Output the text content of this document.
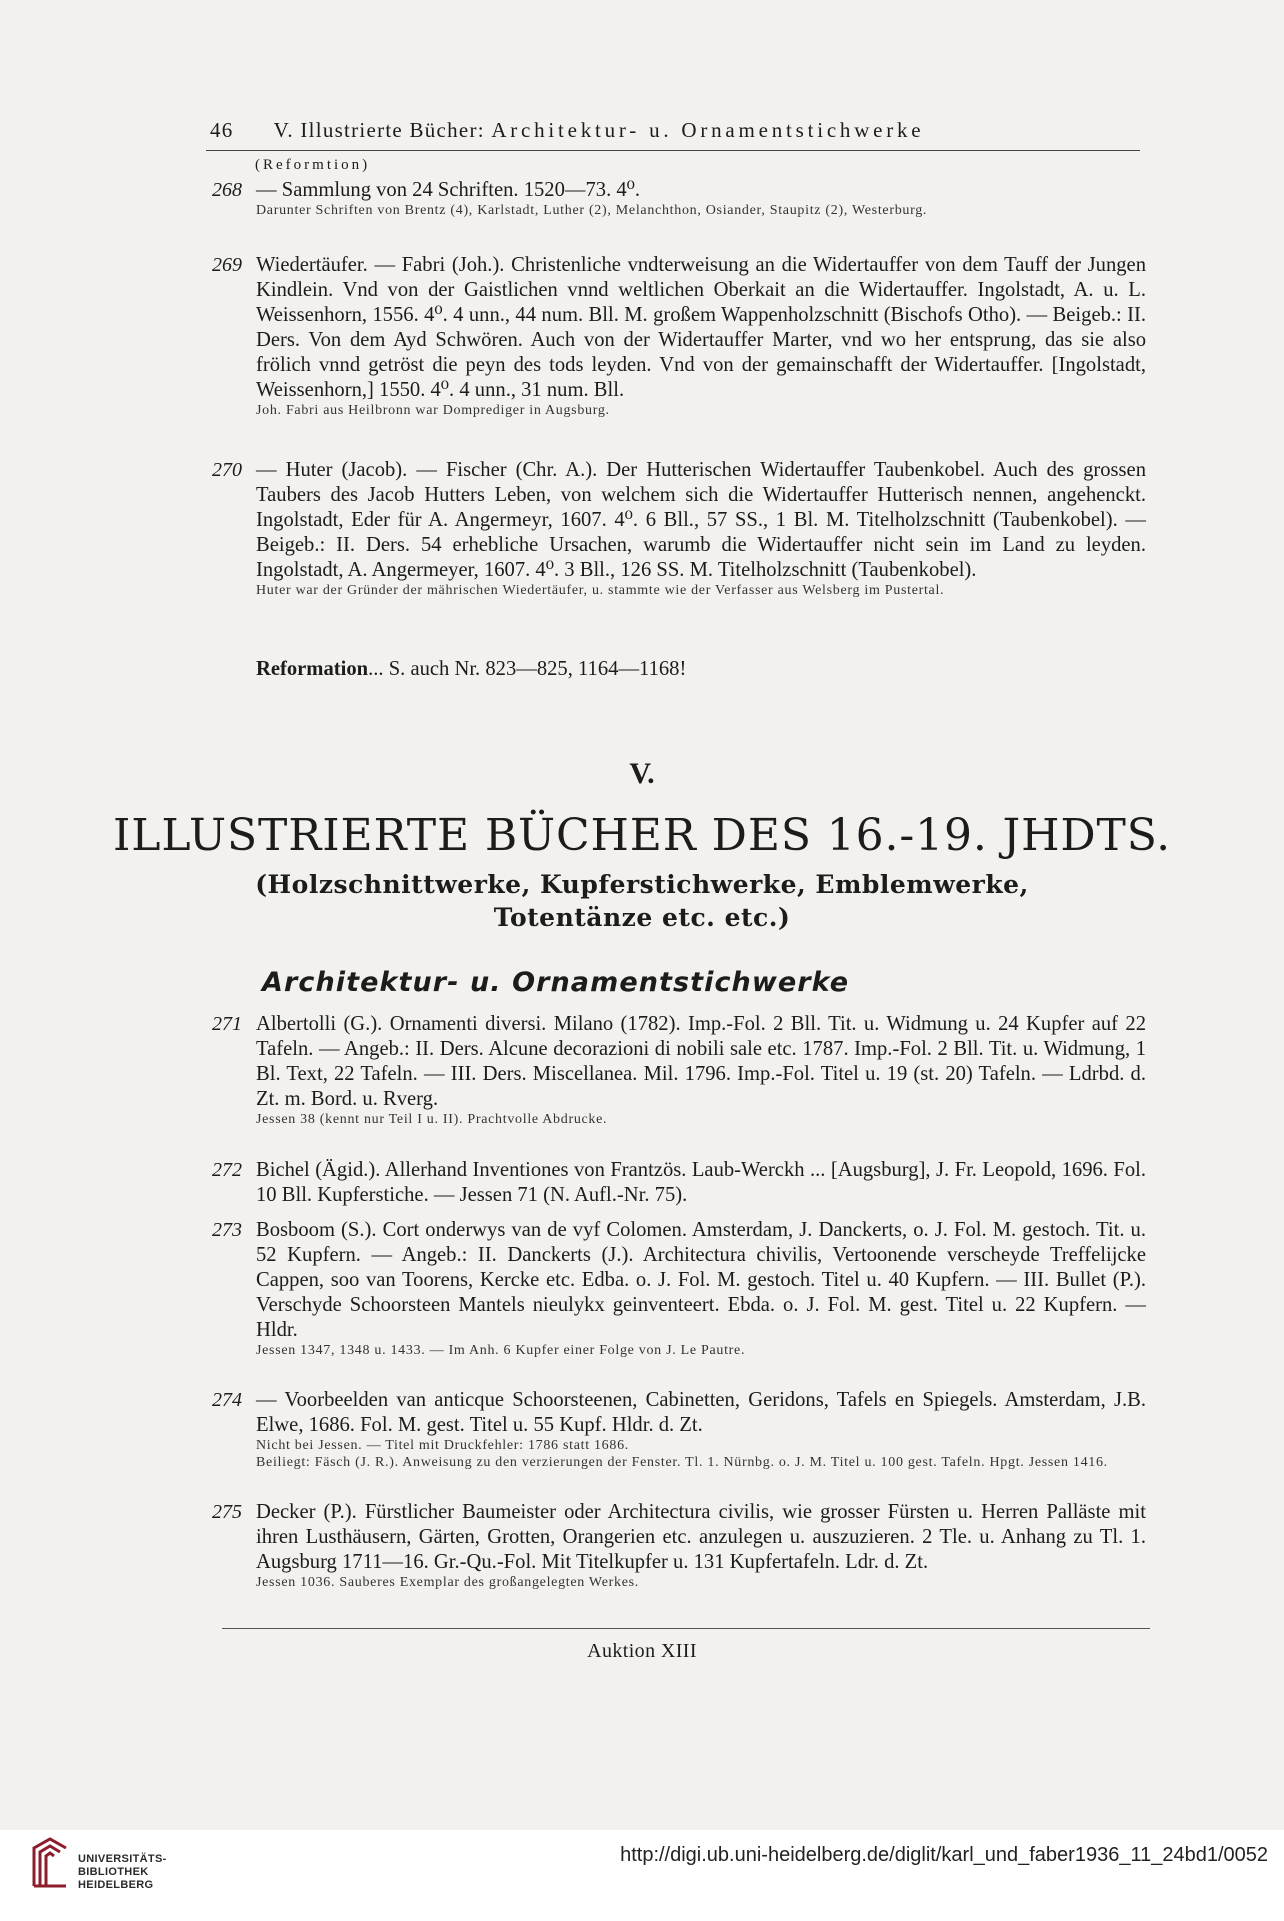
46 V. Illustrierte Bücher: Architektur- u. Ornamentstichwerke
(Reformtion)
268 — Sammlung von 24 Schriften. 1520—73. 4⁰.
Darunter Schriften von Brentz (4), Karlstadt, Luther (2), Melanchthon, Osiander, Staupitz (2), Westerburg.
269 Wiedertäufer. — Fabri (Joh.). Christenliche vndterweisung an die Widertauffer von dem Tauff der Jungen Kindlein. Vnd von der Gaistlichen vnnd weltlichen Oberkait an die Widertauffer. Ingolstadt, A. u. L. Weissenhorn, 1556. 4⁰. 4 unn., 44 num. Bll. M. großem Wappenholzschnitt (Bischofs Otho). — Beigeb.: II. Ders. Von dem Ayd Schwören. Auch von der Widertauffer Marter, vnd wo her entsprung, das sie also frölich vnnd getröst die peyn des tods leyden. Vnd von der gemainschafft der Widertauffer. [Ingolstadt, Weissenhorn,] 1550. 4⁰. 4 unn., 31 num. Bll.
Joh. Fabri aus Heilbronn war Domprediger in Augsburg.
270 — Huter (Jacob). — Fischer (Chr. A.). Der Hutterischen Widertauffer Taubenkobel. Auch des grossen Taubers des Jacob Hutters Leben, von welchem sich die Widertauffer Hutterisch nennen, angehenckt. Ingolstadt, Eder für A. Angermeyr, 1607. 4⁰. 6 Bll., 57 SS., 1 Bl. M. Titelholzschnitt (Taubenkobel). — Beigeb.: II. Ders. 54 erhebliche Ursachen, warumb die Widertauffer nicht sein im Land zu leyden. Ingolstadt, A. Angermeyer, 1607. 4⁰. 3 Bll., 126 SS. M. Titelholzschnitt (Taubenkobel).
Huter war der Gründer der mährischen Wiedertäufer, u. stammte wie der Verfasser aus Welsberg im Pustertal.
Reformation... S. auch Nr. 823—825, 1164—1168!
V.
ILLUSTRIERTE BÜCHER DES 16.-19. JHDTS.
(Holzschnittwerke, Kupferstichwerke, Emblemwerke,
Totentänze etc. etc.)
Architektur- u. Ornamentstichwerke
271 Albertolli (G.). Ornamenti diversi. Milano (1782). Imp.-Fol. 2 Bll. Tit. u. Widmung u. 24 Kupfer auf 22 Tafeln. — Angeb.: II. Ders. Alcune decorazioni di nobili sale etc. 1787. Imp.-Fol. 2 Bll. Tit. u. Widmung, 1 Bl. Text, 22 Tafeln. — III. Ders. Miscellanea. Mil. 1796. Imp.-Fol. Titel u. 19 (st. 20) Tafeln. — Ldrbd. d. Zt. m. Bord. u. Rverg.
Jessen 38 (kennt nur Teil I u. II). Prachtvolle Abdrucke.
272 Bichel (Ägid.). Allerhand Inventiones von Frantzös. Laub-Werckh ... [Augsburg], J. Fr. Leopold, 1696. Fol. 10 Bll. Kupferstiche. — Jessen 71 (N. Aufl.-Nr. 75).
273 Bosboom (S.). Cort onderwys van de vyf Colomen. Amsterdam, J. Danckerts, o. J. Fol. M. gestoch. Tit. u. 52 Kupfern. — Angeb.: II. Danckerts (J.). Architectura chivilis, Vertoonende verscheyde Treffelijcke Cappen, soo van Toorens, Kercke etc. Edba. o. J. Fol. M. gestoch. Titel u. 40 Kupfern. — III. Bullet (P.). Verschyde Schoorsteen Mantels nieulykx geinventeert. Ebda. o. J. Fol. M. gest. Titel u. 22 Kupfern. — Hldr.
Jessen 1347, 1348 u. 1433. — Im Anh. 6 Kupfer einer Folge von J. Le Pautre.
274 — Voorbeelden van anticque Schoorsteenen, Cabinetten, Geridons, Tafels en Spiegels. Amsterdam, J.B. Elwe, 1686. Fol. M. gest. Titel u. 55 Kupf. Hldr. d. Zt.
Nicht bei Jessen. — Titel mit Druckfehler: 1786 statt 1686.
Beiliegt: Fäsch (J. R.). Anweisung zu den verzierungen der Fenster. Tl. 1. Nürnbg. o. J. M. Titel u. 100 gest. Tafeln. Hpgt. Jessen 1416.
275 Decker (P.). Fürstlicher Baumeister oder Architectura civilis, wie grosser Fürsten u. Herren Palläste mit ihren Lusthäusern, Gärten, Grotten, Orangerien etc. anzulegen u. auszuzieren. 2 Tle. u. Anhang zu Tl. 1. Augsburg 1711—16. Gr.-Qu.-Fol. Mit Titelkupfer u. 131 Kupfertafeln. Ldr. d. Zt.
Jessen 1036. Sauberes Exemplar des großangelegten Werkes.
Auktion XIII
UNIVERSITÄTS-
BIBLIOTHEK
HEIDELBERG
http://digi.ub.uni-heidelberg.de/diglit/karl_und_faber1936_11_24bd1/0052
